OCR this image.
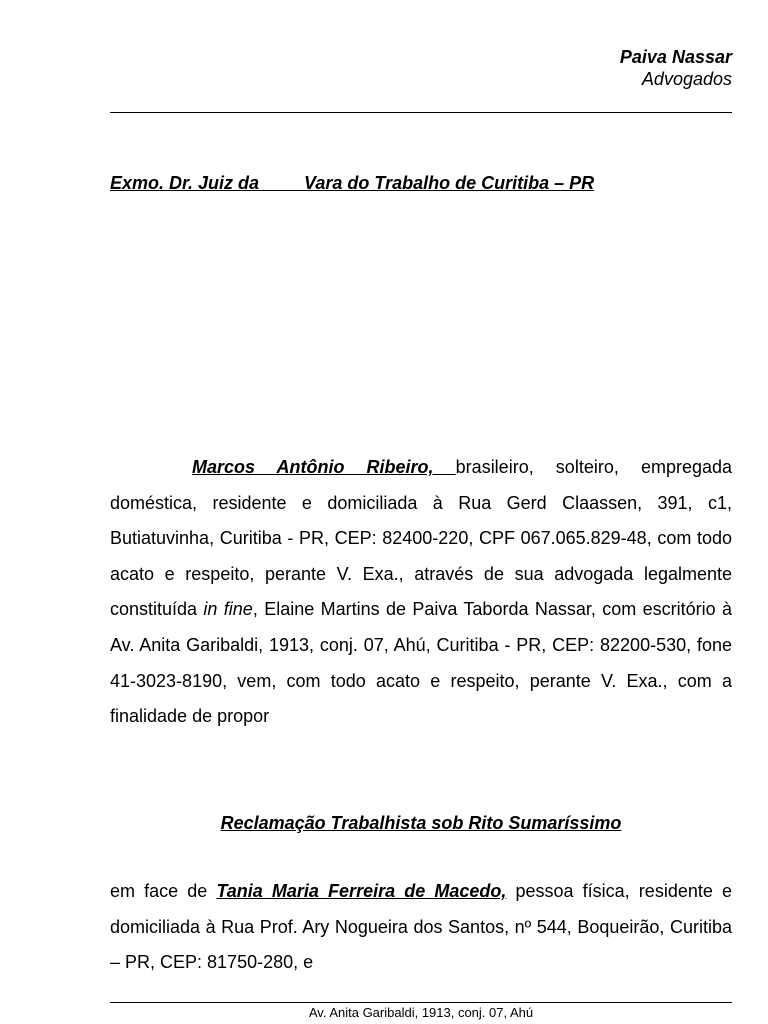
Paiva Nassar
Advogados
Exmo. Dr. Juiz da         Vara do Trabalho de Curitiba – PR
Marcos Antônio Ribeiro, brasileiro, solteiro, empregada doméstica, residente e domiciliada à Rua Gerd Claassen, 391, c1, Butiatuvinha, Curitiba - PR, CEP: 82400-220, CPF 067.065.829-48, com todo acato e respeito, perante V. Exa., através de sua advogada legalmente constituída in fine, Elaine Martins de Paiva Taborda Nassar, com escritório à Av. Anita Garibaldi, 1913, conj. 07, Ahú, Curitiba - PR, CEP: 82200-530, fone 41-3023-8190, vem, com todo acato e respeito, perante V. Exa., com a finalidade de propor
Reclamação Trabalhista sob Rito Sumaríssimo
em face de Tania Maria Ferreira de Macedo, pessoa física, residente e domiciliada à Rua Prof. Ary Nogueira dos Santos, nº 544, Boqueirão, Curitiba – PR, CEP: 81750-280, e
Av. Anita Garibaldi, 1913, conj. 07, Ahú
